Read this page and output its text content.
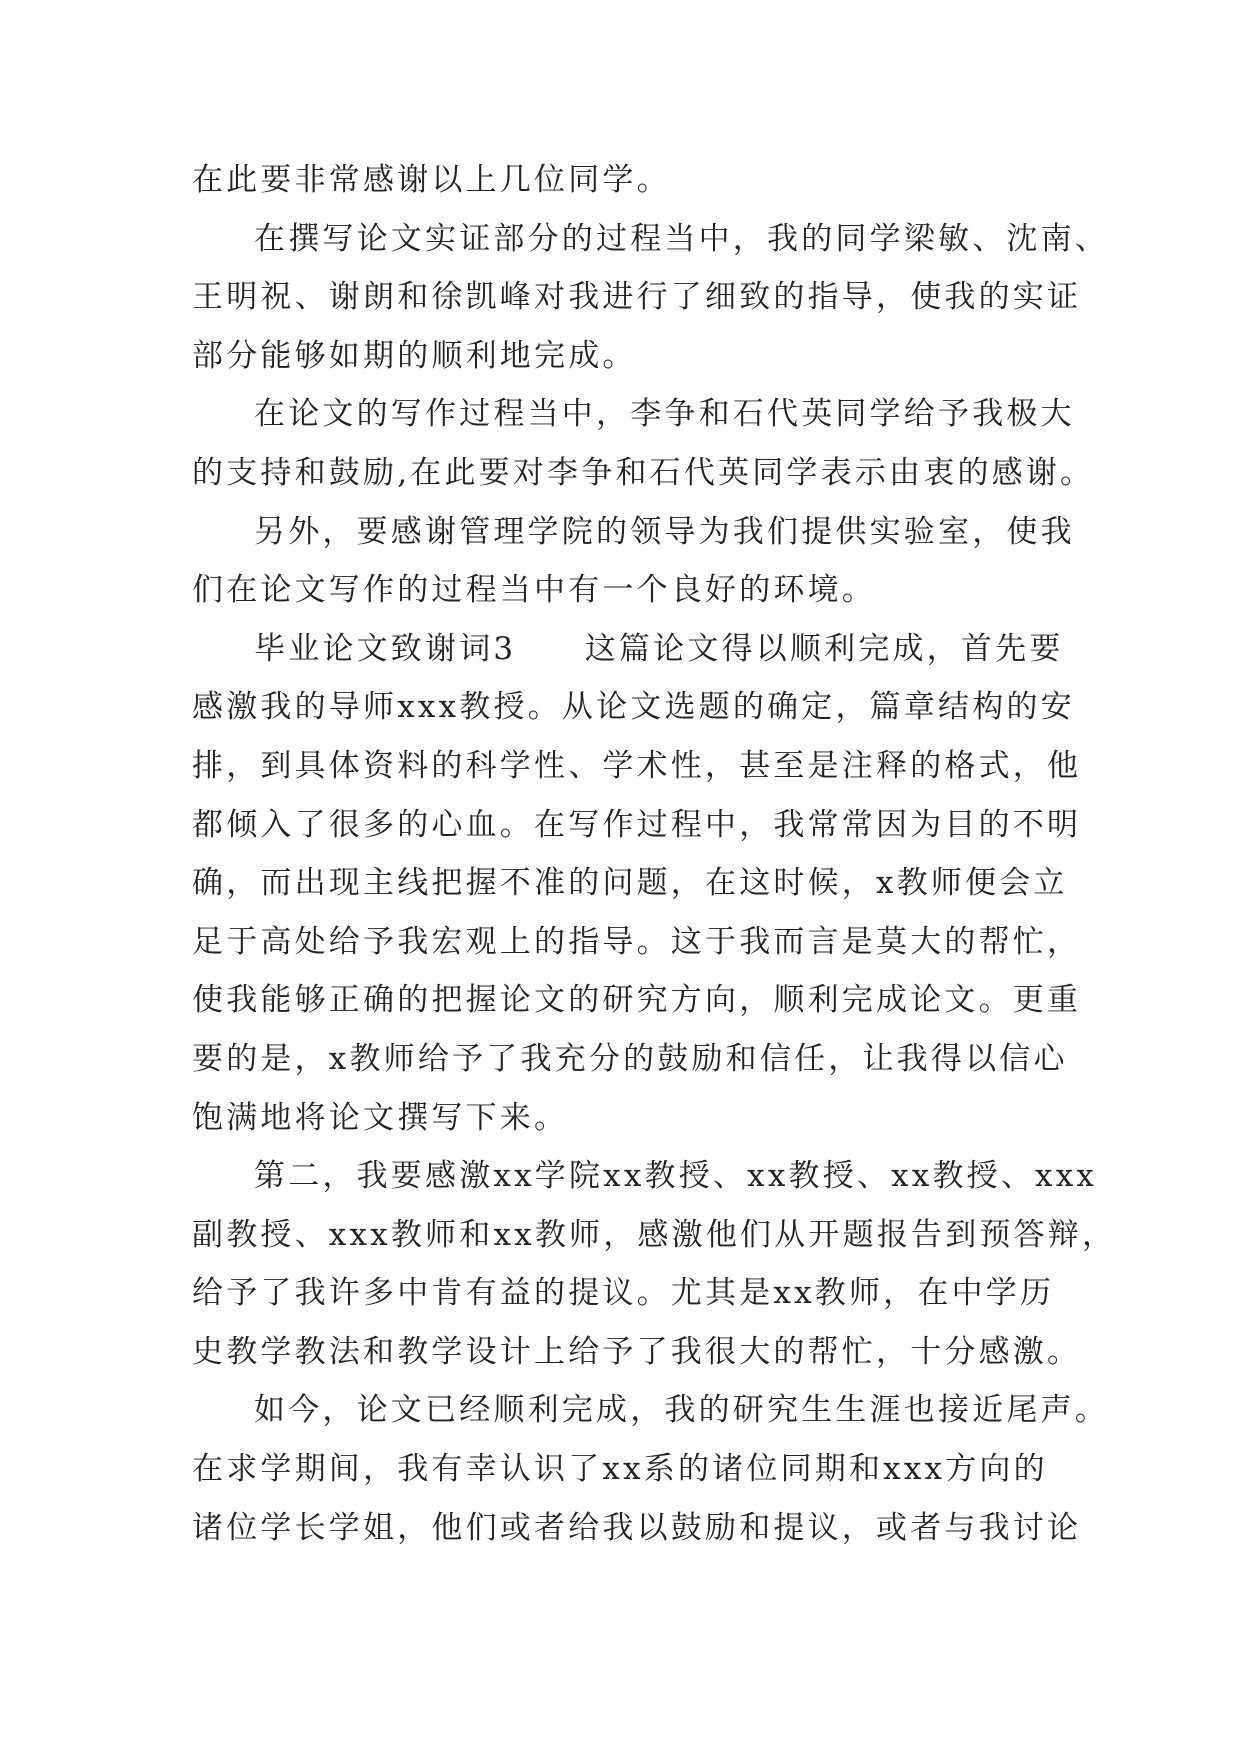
在此要非常感谢以上几位同学。
在撰写论文实证部分的过程当中，我的同学梁敏、沈南、
王明祝、谢朗和徐凯峰对我进行了细致的指导，使我的实证
部分能够如期的顺利地完成。
在论文的写作过程当中，李争和石代英同学给予我极大
的支持和鼓励,在此要对李争和石代英同学表示由衷的感谢。
另外，要感谢管理学院的领导为我们提供实验室，使我
们在论文写作的过程当中有一个良好的环境。
毕业论文致谢词3　　这篇论文得以顺利完成，首先要
感激我的导师xxx教授。从论文选题的确定，篇章结构的安
排，到具体资料的科学性、学术性，甚至是注释的格式，他
都倾入了很多的心血。在写作过程中，我常常因为目的不明
确，而出现主线把握不准的问题，在这时候，x教师便会立
足于高处给予我宏观上的指导。这于我而言是莫大的帮忙，
使我能够正确的把握论文的研究方向，顺利完成论文。更重
要的是，x教师给予了我充分的鼓励和信任，让我得以信心
饱满地将论文撰写下来。
第二，我要感激xx学院xx教授、xx教授、xx教授、xxx
副教授、xxx教师和xx教师，感激他们从开题报告到预答辩，
给予了我许多中肯有益的提议。尤其是xx教师，在中学历
史教学教法和教学设计上给予了我很大的帮忙，十分感激。
如今，论文已经顺利完成，我的研究生生涯也接近尾声。
在求学期间，我有幸认识了xx系的诸位同期和xxx方向的
诸位学长学姐，他们或者给我以鼓励和提议，或者与我讨论
